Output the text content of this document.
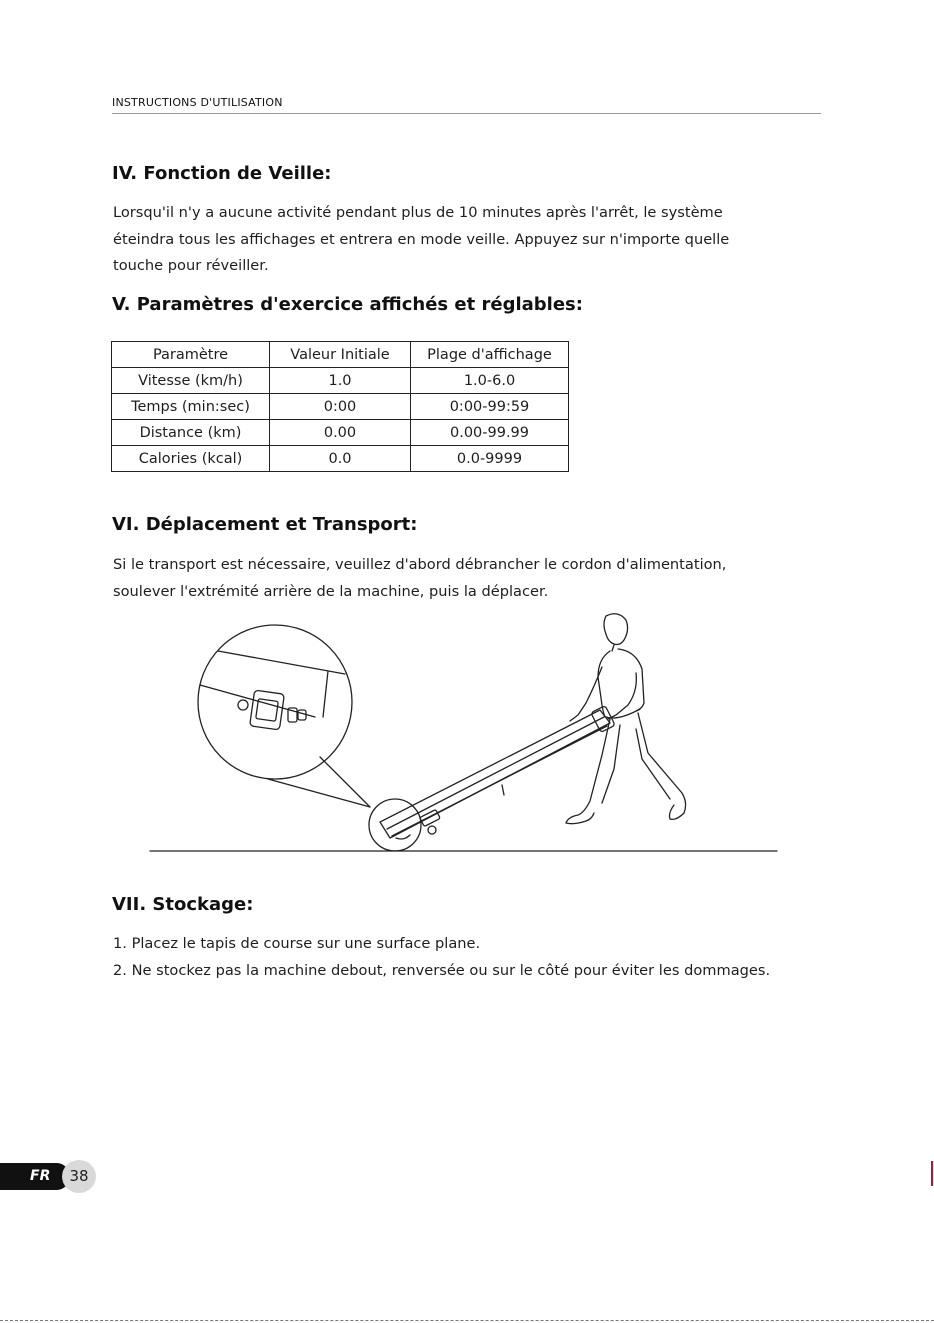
INSTRUCTIONS D'UTILISATION
IV. Fonction de Veille:

Lorsqu'il n'y a aucune activité pendant plus de 10 minutes après l'arrêt, le système
éteindra tous les affichages et entrera en mode veille. Appuyez sur n'importe quelle
touche pour réveiller.

V. Paramètres d'exercice affichés et réglables:
Paramètre	Valeur Initiale	Plage d'affichage
Vitesse (km/h)	1.0	1.0-6.0
Temps (min:sec)	0:00	0:00-99:59
Distance (km)	0.00	0.00-99.99
Calories (kcal)	0.0	0.0-9999
VI. Déplacement et Transport:

Si le transport est nécessaire, veuillez d'abord débrancher le cordon d'alimentation,
soulever l'extrémité arrière de la machine, puis la déplacer.

VII. Stockage:

1. Placez le tapis de course sur une surface plane.
2. Ne stockez pas la machine debout, renversée ou sur le côté pour éviter les dommages.

FR	38
